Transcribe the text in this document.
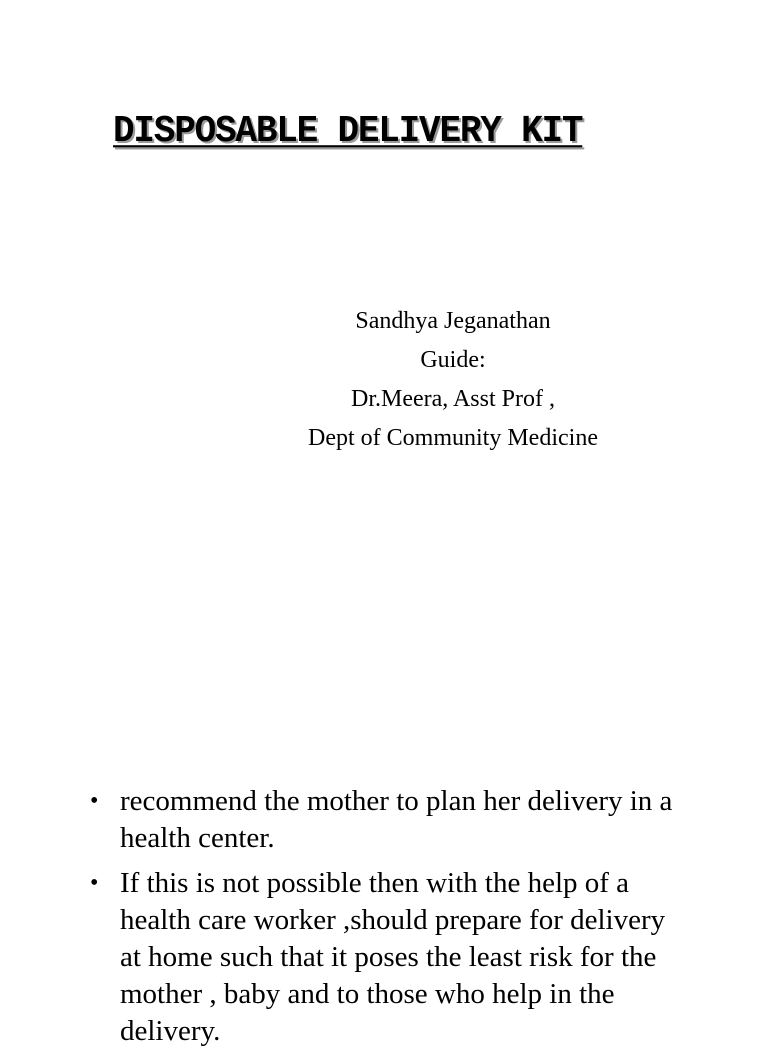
DISPOSABLE DELIVERY KIT
Sandhya Jeganathan
Guide:
Dr.Meera, Asst Prof ,
Dept of Community Medicine
• recommend the mother to plan her delivery in a health center.
• If this is not possible then with the help of a health care worker ,should prepare for delivery at home such that it poses the least risk for the mother , baby and to those who help in the delivery.
